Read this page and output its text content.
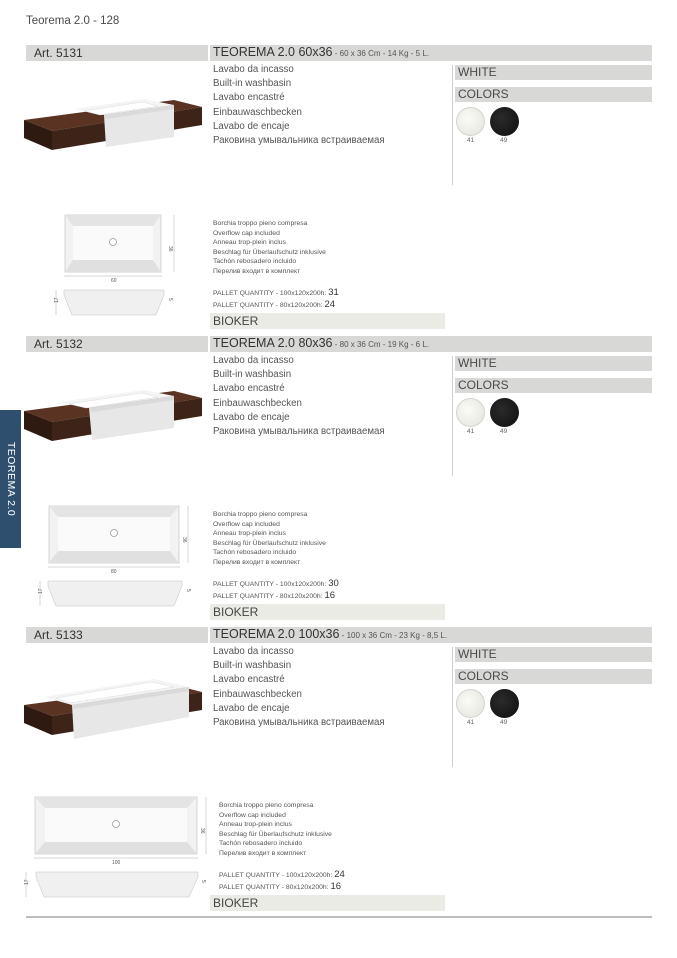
Teorema 2.0 - 128
TEOREMA 2.0
Art. 5131	TEOREMA 2.0 60x36 - 60 x 36 Cm - 14 Kg - 5 L.
Lavabo da incasso
Built-in washbasin
Lavabo encastré
Einbauwaschbecken
Lavabo de encaje
Раковина умывальника встраиваемая
WHITE
COLORS
41	49
60
36
17	5
Borchia troppo pieno compresa
Overflow cap included
Anneau trop-plein inclus
Beschlag für Überlaufschutz inklusive
Tachón rebosadero incluido
Перелив входит в комплект
PALLET QUANTITY - 100x120x200h: 31
PALLET QUANTITY - 80x120x200h: 24
BIOKER
Art. 5132	TEOREMA 2.0 80x36 - 80 x 36 Cm - 19 Kg - 6 L.
Lavabo da incasso
Built-in washbasin
Lavabo encastré
Einbauwaschbecken
Lavabo de encaje
Раковина умывальника встраиваемая
WHITE
COLORS
41	49
80
36
17	5
Borchia troppo pieno compresa
Overflow cap included
Anneau trop-plein inclus
Beschlag für Überlaufschutz inklusive
Tachón rebosadero incluido
Перелив входит в комплект
PALLET QUANTITY - 100x120x200h: 30
PALLET QUANTITY - 80x120x200h: 16
BIOKER
Art. 5133	TEOREMA 2.0 100x36 - 100 x 36 Cm - 23 Kg - 8,5 L.
Lavabo da incasso
Built-in washbasin
Lavabo encastré
Einbauwaschbecken
Lavabo de encaje
Раковина умывальника встраиваемая
WHITE
COLORS
41	49
100
36
17	5
Borchia troppo pieno compresa
Overflow cap included
Anneau trop-plein inclus
Beschlag für Überlaufschutz inklusive
Tachón rebosadero incluido
Перелив входит в комплект
PALLET QUANTITY - 100x120x200h: 24
PALLET QUANTITY - 80x120x200h: 16
BIOKER
